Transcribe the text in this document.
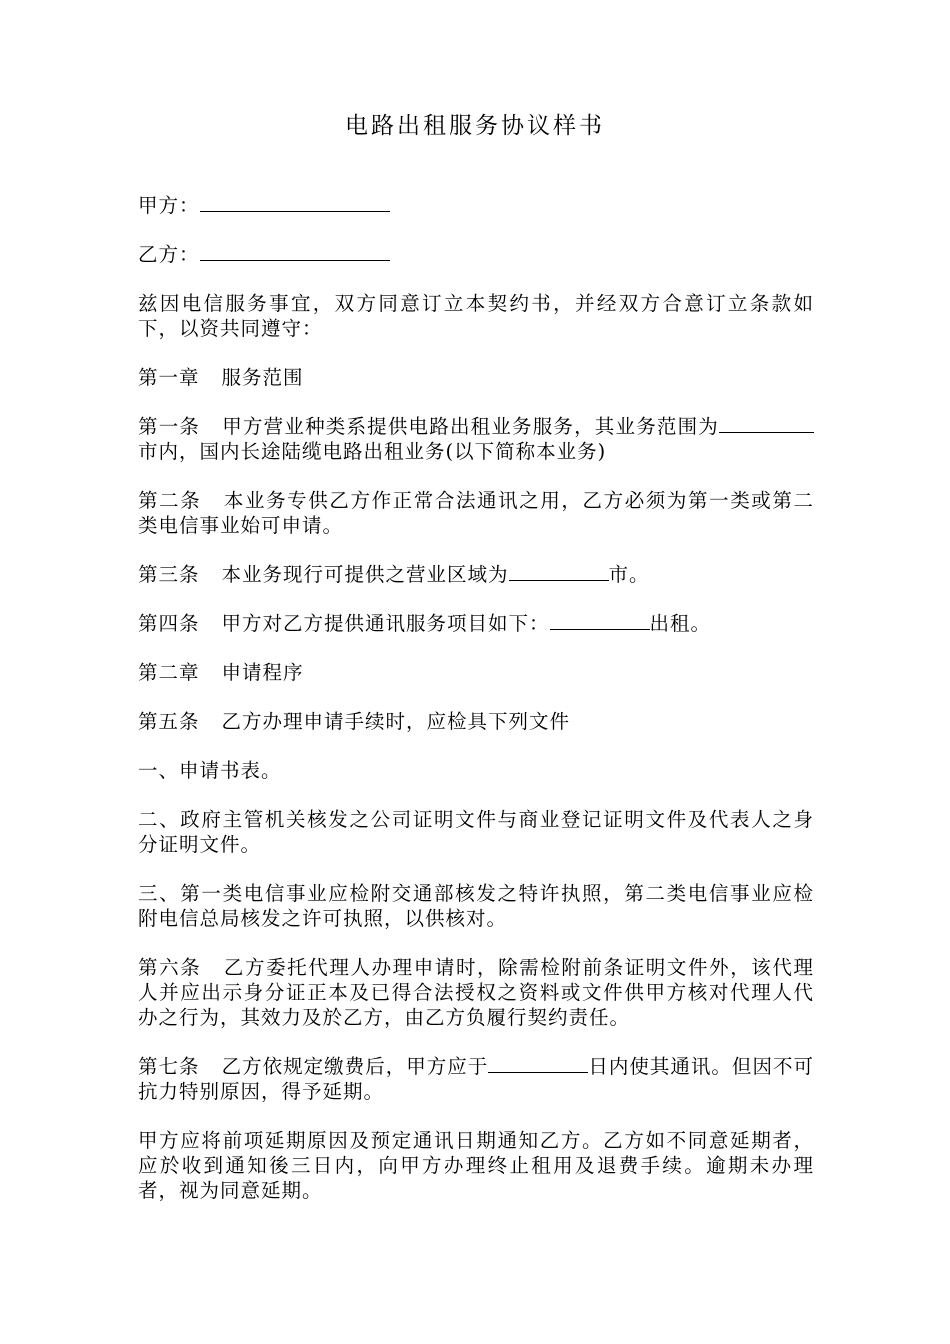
电路出租服务协议样书

甲方：

乙方：

兹因电信服务事宜，双方同意订立本契约书，并经双方合意订立条款如下，以资共同遵守：

第一章 服务范围

第一条 甲方营业种类系提供电路出租业务服务，其业务范围为市内，国内长途陆缆电路出租业务(以下简称本业务)

第二条 本业务专供乙方作正常合法通讯之用，乙方必须为第一类或第二类电信事业始可申请。

第三条 本业务现行可提供之营业区域为	市。

第四条 甲方对乙方提供通讯服务项目如下：	出租。

第二章 申请程序

第五条 乙方办理申请手续时，应检具下列文件

一、申请书表。

二、政府主管机关核发之公司证明文件与商业登记证明文件及代表人之身分证明文件。

三、第一类电信事业应检附交通部核发之特许执照，第二类电信事业应检附电信总局核发之许可执照，以供核对。

第六条 乙方委托代理人办理申请时，除需检附前条证明文件外，该代理人并应出示身分证正本及已得合法授权之资料或文件供甲方核对代理人代办之行为，其效力及於乙方，由乙方负履行契约责任。

第七条 乙方依规定缴费后，甲方应于	日内使其通讯。但因不可抗力特别原因，得予延期。

甲方应将前项延期原因及预定通讯日期通知乙方。乙方如不同意延期者，应於收到通知後三日内，向甲方办理终止租用及退费手续。逾期未办理者，视为同意延期。
